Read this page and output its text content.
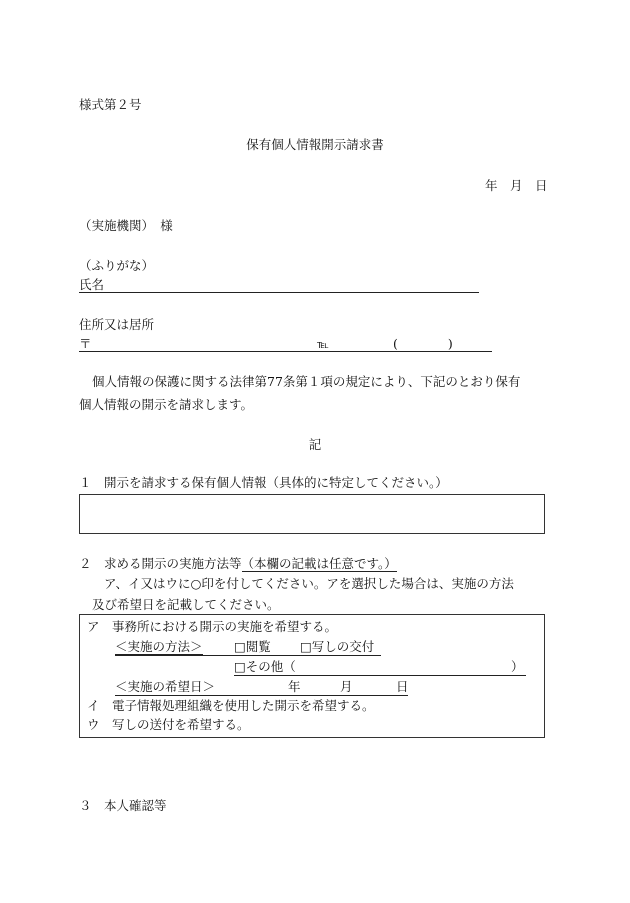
様式第２号
保有個人情報開示請求書
年　月　日
（実施機関）　様
（ふりがな）
氏名
住所又は居所
〒	℡	(　　　　)
個人情報の保護に関する法律第77条第１項の規定により、下記のとおり保有
個人情報の開示を請求します。
記
１　開示を請求する保有個人情報（具体的に特定してください。）
２　求める開示の実施方法等（本欄の記載は任意です。）
ア、イ又はウに○印を付してください。アを選択した場合は、実施の方法
及び希望日を記載してください。
ア　事務所における開示の実施を希望する。
＜実施の方法＞	□閲覧 □写しの交付
□その他（	）
＜実施の希望日＞	年	月	日
イ　電子情報処理組織を使用した開示を希望する。
ウ　写しの送付を希望する。
３　本人確認等
